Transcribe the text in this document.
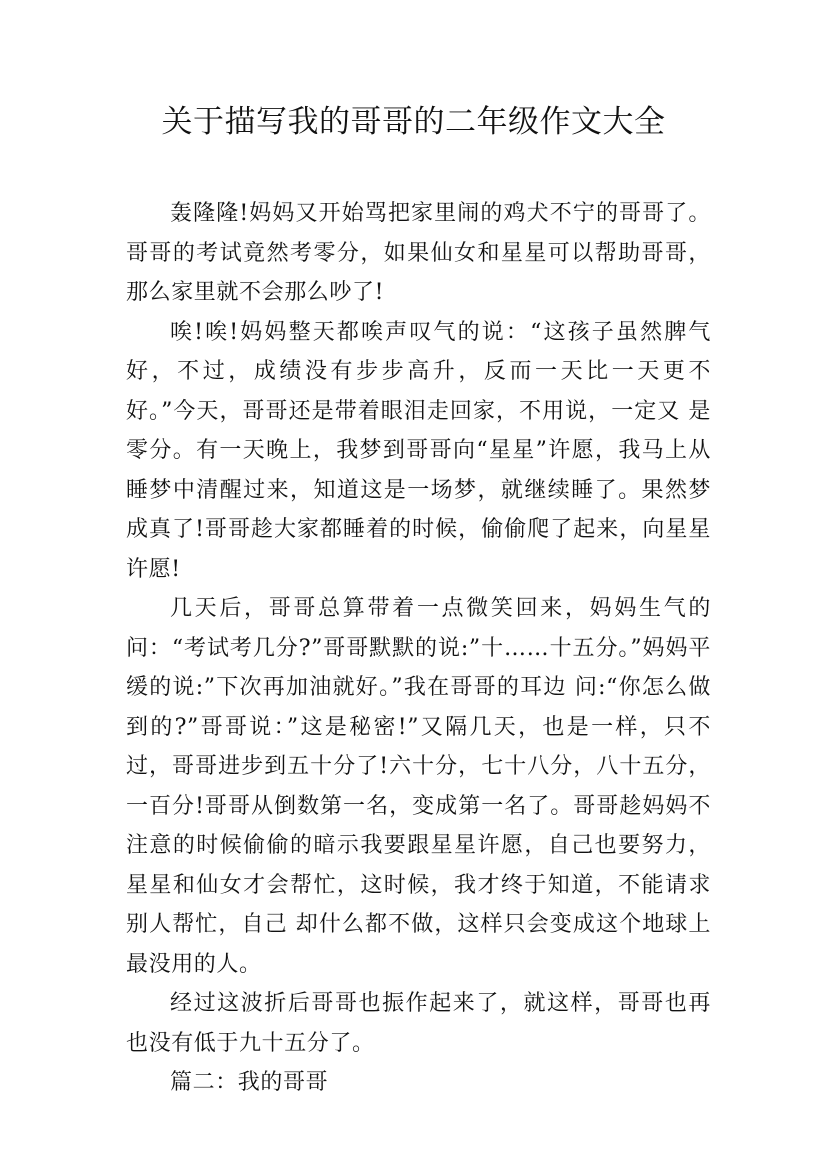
关于描写我的哥哥的二年级作文大全

轰隆隆!妈妈又开始骂把家里闹的鸡犬不宁的哥哥了。哥哥的考试竟然考零分，如果仙女和星星可以帮助哥哥，那么家里就不会那么吵了!

唉!唉!妈妈整天都唉声叹气的说：“这孩子虽然脾气好，不过，成绩没有步步高升，反而一天比一天更不好。”今天，哥哥还是带着眼泪走回家，不用说，一定又 是零分。有一天晚上，我梦到哥哥向“星星”许愿，我马上从睡梦中清醒过来，知道这是一场梦，就继续睡了。果然梦成真了!哥哥趁大家都睡着的时候，偷偷爬了起来，向星星许愿!

几天后，哥哥总算带着一点微笑回来，妈妈生气的问：“考试考几分?”哥哥默默的说:”十……十五分。”妈妈平缓的说:”下次再加油就好。”我在哥哥的耳边 问:“你怎么做到的?”哥哥说：”这是秘密!”又隔几天，也是一样，只不过，哥哥进步到五十分了!六十分，七十八分，八十五分，一百分!哥哥从倒数第一名，变成第一名了。哥哥趁妈妈不注意的时候偷偷的暗示我要跟星星许愿，自己也要努力，星星和仙女才会帮忙，这时候，我才终于知道，不能请求别人帮忙，自己 却什么都不做，这样只会变成这个地球上最没用的人。

经过这波折后哥哥也振作起来了，就这样，哥哥也再也没有低于九十五分了。

篇二：我的哥哥
